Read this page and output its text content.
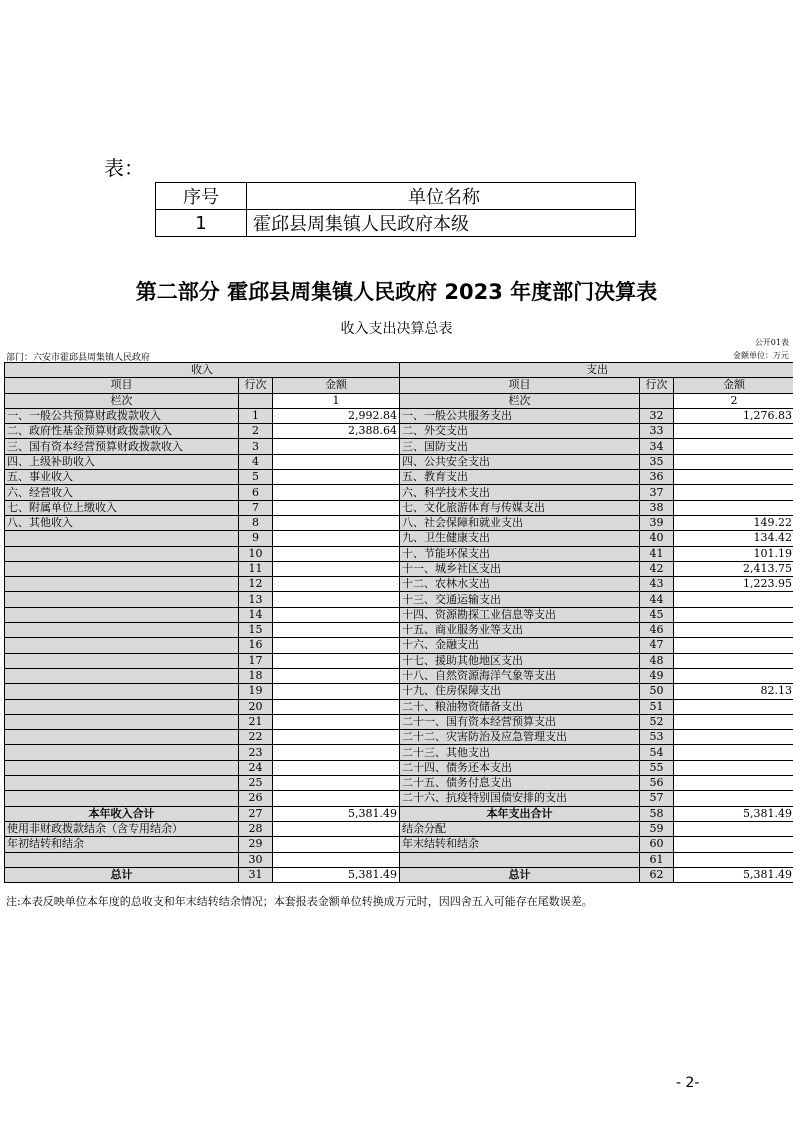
表：
序号	单位名称
1	霍邱县周集镇人民政府本级
第二部分 霍邱县周集镇人民政府 2023 年度部门决算表
收入支出决算总表
公开01表
部门：六安市霍邱县周集镇人民政府	金额单位：万元
收入			支出		
项目	行次	金额	项目	行次	金额
栏次		1	栏次		2
一、一般公共预算财政拨款收入	1	2,992.84	一、一般公共服务支出	32	1,276.83
二、政府性基金预算财政拨款收入	2	2,388.64	二、外交支出	33	
三、国有资本经营预算财政拨款收入	3		三、国防支出	34	
四、上级补助收入	4		四、公共安全支出	35	
五、事业收入	5		五、教育支出	36	
六、经营收入	6		六、科学技术支出	37	
七、附属单位上缴收入	7		七、文化旅游体育与传媒支出	38	
八、其他收入	8		八、社会保障和就业支出	39	149.22
	9		九、卫生健康支出	40	134.42
	10		十、节能环保支出	41	101.19
	11		十一、城乡社区支出	42	2,413.75
	12		十二、农林水支出	43	1,223.95
	13		十三、交通运输支出	44	
	14		十四、资源勘探工业信息等支出	45	
	15		十五、商业服务业等支出	46	
	16		十六、金融支出	47	
	17		十七、援助其他地区支出	48	
	18		十八、自然资源海洋气象等支出	49	
	19		十九、住房保障支出	50	82.13
	20		二十、粮油物资储备支出	51	
	21		二十一、国有资本经营预算支出	52	
	22		二十二、灾害防治及应急管理支出	53	
	23		二十三、其他支出	54	
	24		二十四、债务还本支出	55	
	25		二十五、债务付息支出	56	
	26		二十六、抗疫特别国债安排的支出	57	
本年收入合计	27	5,381.49	本年支出合计	58	5,381.49
使用非财政拨款结余（含专用结余）	28		结余分配	59	
年初结转和结余	29		年末结转和结余	60	
	30			61	
总计	31	5,381.49	总计	62	5,381.49
注:本表反映单位本年度的总收支和年末结转结余情况；本套报表金额单位转换成万元时，因四舍五入可能存在尾数误差。
- 2-
